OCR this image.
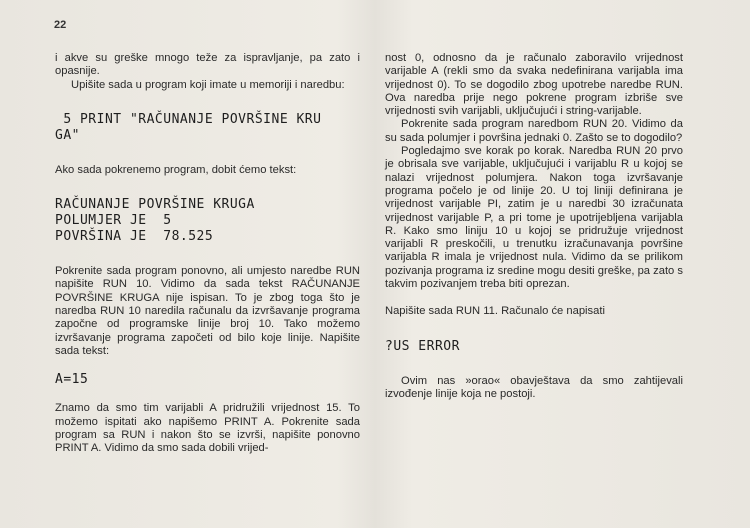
22

i akve su greške mnogo teže za ispravljanje, pa zato i opasnije.

Upišite sada u program koji imate u memoriji i naredbu:

5 PRINT "RAČUNANJE POVRŠINE KRU
GA"

Ako sada pokrenemo program, dobit ćemo tekst:

RAČUNANJE POVRŠINE KRUGA
POLUMJER JE  5
POVRŠINA JE  78.525

Pokrenite sada program ponovno, ali umjesto naredbe RUN napišite RUN 10. Vidimo da sada tekst RAČUNANJE POVRŠINE KRUGA nije ispisan. To je zbog toga što je naredba RUN 10 naredila računalu da izvršavanje programa započne od programske linije broj 10. Tako možemo izvršavanje programa započeti od bilo koje linije. Napišite sada tekst:

A=15

Znamo da smo tim varijabli A pridružili vrijednost 15. To možemo ispitati ako napišemo PRINT A. Pokrenite sada program sa RUN i nakon što se izvrši, napišite ponovno PRINT A. Vidimo da smo sada dobili vrijed-

nost 0, odnosno da je računalo zaboravilo vrijednost varijable A (rekli smo da svaka nedefinirana varijabla ima vrijednost 0). To se dogodilo zbog upotrebe naredbe RUN. Ova naredba prije nego pokrene program izbriše sve vrijednosti svih varijabli, uključujući i string-varijable.

Pokrenite sada program naredbom RUN 20. Vidimo da su sada polumjer i površina jednaki 0. Zašto se to dogodilo?

Pogledajmo sve korak po korak. Naredba RUN 20 prvo je obrisala sve varijable, uključujući i varijablu R u kojoj se nalazi vrijednost polumjera. Nakon toga izvršavanje programa počelo je od linije 20. U toj liniji definirana je vrijednost varijable PI, zatim je u naredbi 30 izračunata vrijednost varijable P, a pri tome je upotrijebljena varijabla R. Kako smo liniju 10 u kojoj se pridružuje vrijednost varijabli R preskočili, u trenutku izračunavanja površine varijabla R imala je vrijednost nula. Vidimo da se prilikom pozivanja programa iz sredine mogu desiti greške, pa zato s takvim pozivanjem treba biti oprezan.

Napišite sada RUN 11. Računalo će napisati

?US ERROR

Ovim nas »orao« obavještava da smo zahtijevali izvođenje linije koja ne postoji.
